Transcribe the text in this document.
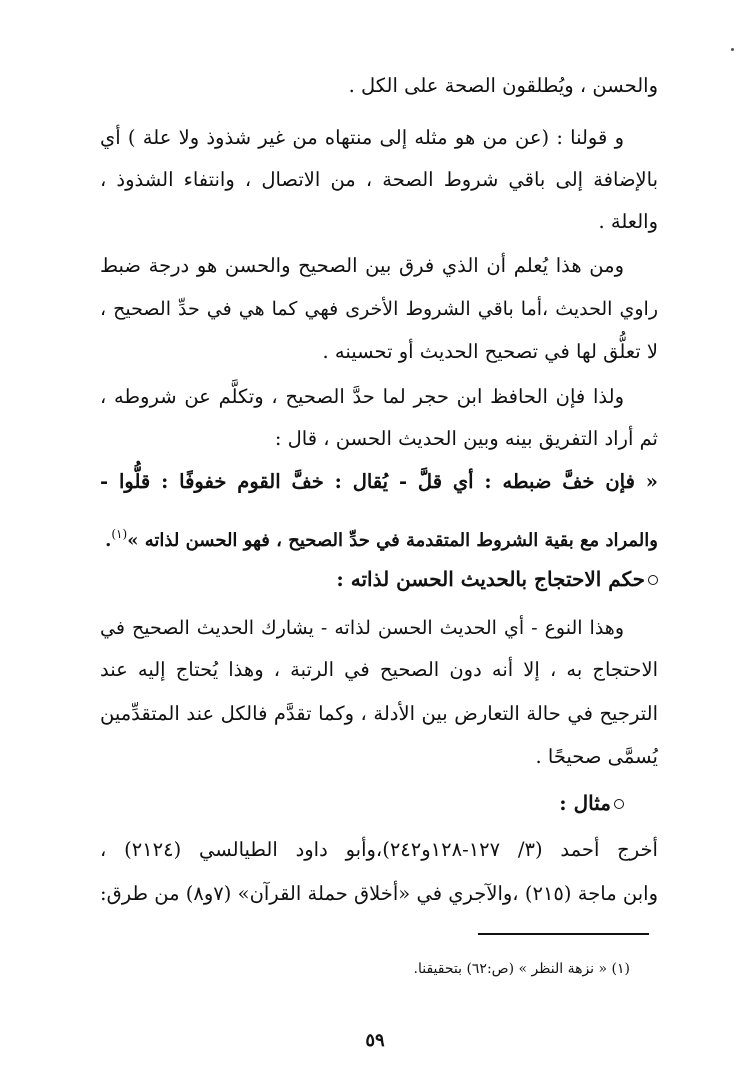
والحسن ، ويُطلقون الصحة على الكل .
و قولنا : (عن من هو مثله إلى منتهاه من غير شذوذ ولا علة ) أي
بالإضافة إلى باقي شروط الصحة ، من الاتصال ، وانتفاء الشذوذ ،
والعلة .
ومن هذا يُعلم أن الذي فرق بين الصحيح والحسن هو درجة ضبط
راوي الحديث ،أما باقي الشروط الأخرى فهي كما هي في حدِّ الصحيح ،
لا تعلُّق لها في تصحيح الحديث أو تحسينه .
ولذا فإن الحافظ ابن حجر لما حدَّ الصحيح ، وتكلَّم عن شروطه ،
ثم أراد التفريق بينه وبين الحديث الحسن ، قال :
« فإن خفَّ ضبطه : أي قلَّ - يُقال : خفَّ القوم خفوفًا : قلُّوا -
والمراد مع بقية الشروط المتقدمة في حدِّ الصحيح ، فهو الحسن لذاته »$^{(١)}$.
حكم الاحتجاج بالحديث الحسن لذاته :
وهذا النوع - أي الحديث الحسن لذاته - يشارك الحديث الصحيح في
الاحتجاج به ، إلا أنه دون الصحيح في الرتبة ، وهذا يُحتاج إليه عند
الترجيح في حالة التعارض بين الأدلة ، وكما تقدَّم فالكل عند المتقدِّمين
يُسمَّى صحيحًا .
مثال :
أخرج أحمد (٣/ ١٢٧-١٢٨و٢٤٢)،وأبو داود الطيالسي (٢١٢٤) ،
وابن ماجة (٢١٥) ،والآجري في «أخلاق حملة القرآن» (٧و٨) من طرق:
(١) « نزهة النظر » (ص:٦٢) بتحقيقنا.
٥٩
